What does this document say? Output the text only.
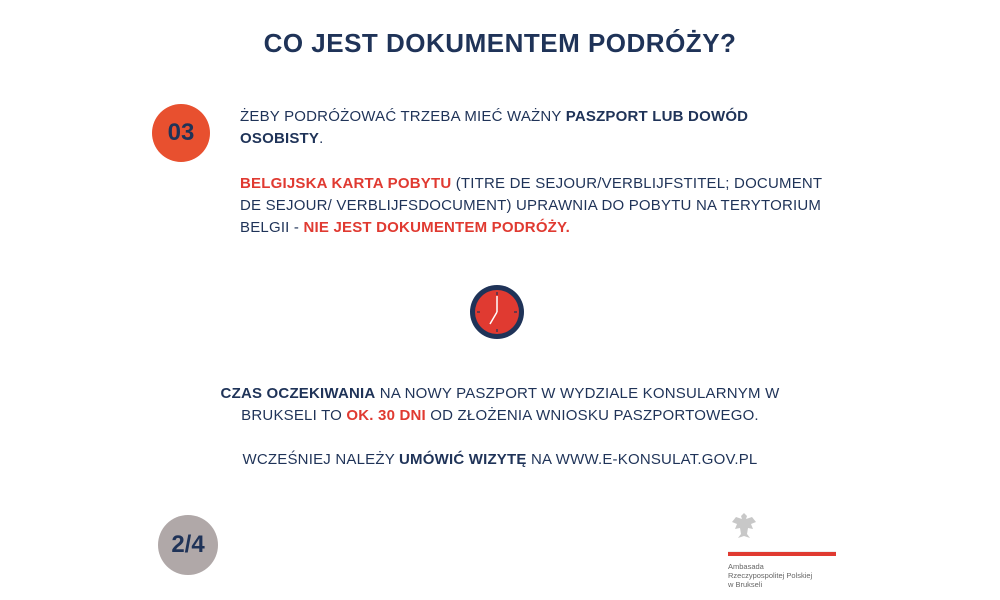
CO JEST DOKUMENTEM PODRÓŻY?
03
ŻEBY PODRÓŻOWAĆ TRZEBA MIEĆ WAŻNY PASZPORT LUB DOWÓD OSOBISTY.
BELGIJSKA KARTA POBYTU (TITRE DE SEJOUR/VERBLIJFSTITEL; DOCUMENT DE SEJOUR/ VERBLIJFSDOCUMENT) UPRAWNIA DO POBYTU NA TERYTORIUM BELGII - NIE JEST DOKUMENTEM PODRÓŻY.
CZAS OCZEKIWANIA NA NOWY PASZPORT W WYDZIALE KONSULARNYM W BRUKSELI TO OK. 30 DNI OD ZŁOŻENIA WNIOSKU PASZPORTOWEGO.
WCZEŚNIEJ NALEŻY UMÓWIĆ WIZYTĘ NA WWW.E-KONSULAT.GOV.PL
2/4
Ambasada
Rzeczypospolitej Polskiej
w Brukseli
